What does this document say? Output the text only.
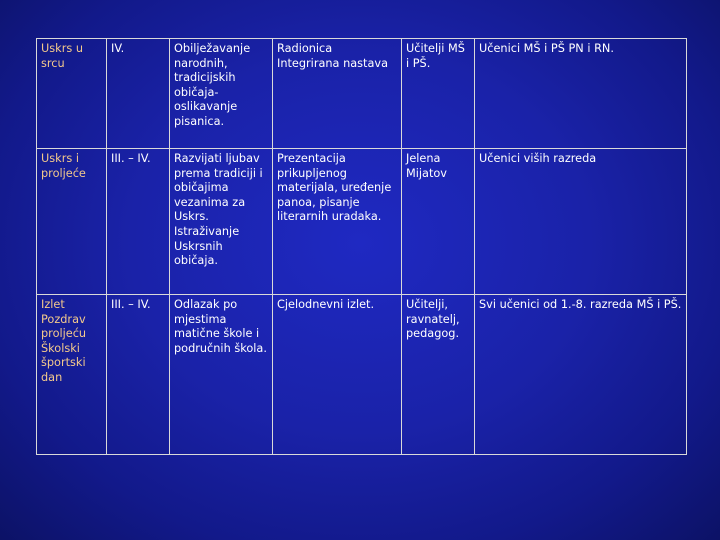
Uskrs u srcu	IV.	Obilježavanje narodnih, tradicijskih običaja- oslikavanje pisanica.	Radionica Integrirana nastava	Učitelji MŠ i PŠ.	Učenici MŠ i PŠ PN i RN.
Uskrs i proljeće	III. – IV.	Razvijati ljubav prema tradiciji i običajima vezanima za Uskrs. Istraživanje Uskrsnih običaja.	Prezentacija prikupljenog materijala, uređenje panoa, pisanje literarnih uradaka.	Jelena Mijatov	Učenici viših razreda
Izlet Pozdrav proljeću Školski športski dan	III. – IV.	Odlazak po mjestima matične škole i područnih škola.	Cjelodnevni izlet.	Učitelji, ravnatelj, pedagog.	Svi učenici od 1.-8. razreda MŠ i PŠ.
